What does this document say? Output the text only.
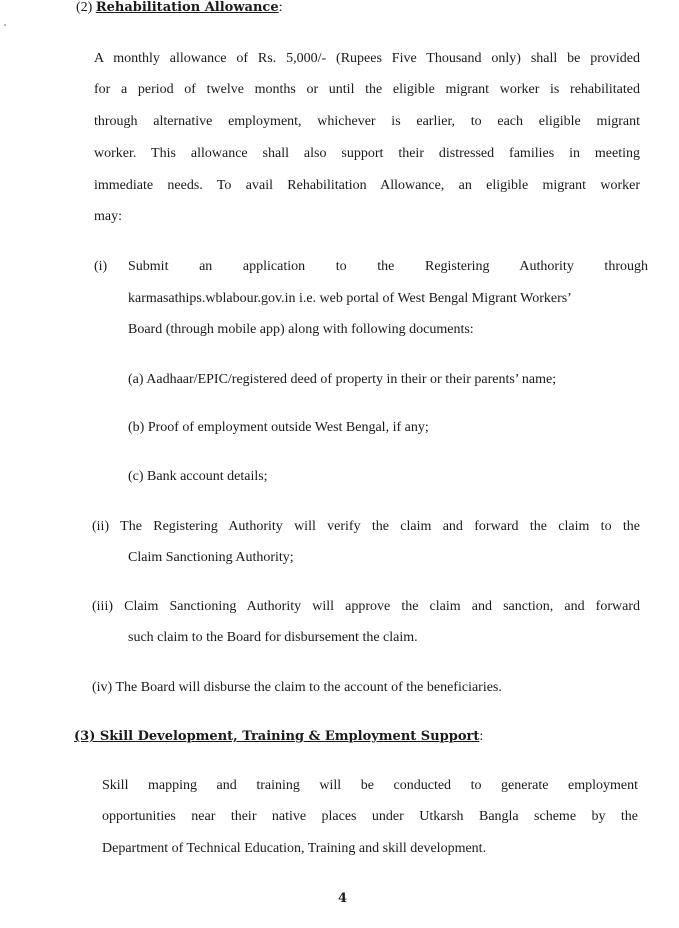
(2) Rehabilitation Allowance:
A monthly allowance of Rs. 5,000/- (Rupees Five Thousand only) shall be provided
for a period of twelve months or until the eligible migrant worker is rehabilitated
through alternative employment, whichever is earlier, to each eligible migrant
worker. This allowance shall also support their distressed families in meeting
immediate needs. To avail Rehabilitation Allowance, an eligible migrant worker
may:
(i) Submit an application to the Registering Authority through
karmasathips.wblabour.gov.in i.e. web portal of West Bengal Migrant Workers’
Board (through mobile app) along with following documents:
(a) Aadhaar/EPIC/registered deed of property in their or their parents’ name;
(b) Proof of employment outside West Bengal, if any;
(c) Bank account details;
(ii) The Registering Authority will verify the claim and forward the claim to the
Claim Sanctioning Authority;
(iii) Claim Sanctioning Authority will approve the claim and sanction, and forward
such claim to the Board for disbursement the claim.
(iv) The Board will disburse the claim to the account of the beneficiaries.
(3) Skill Development, Training & Employment Support:
Skill mapping and training will be conducted to generate employment
opportunities near their native places under Utkarsh Bangla scheme by the
Department of Technical Education, Training and skill development.
4
